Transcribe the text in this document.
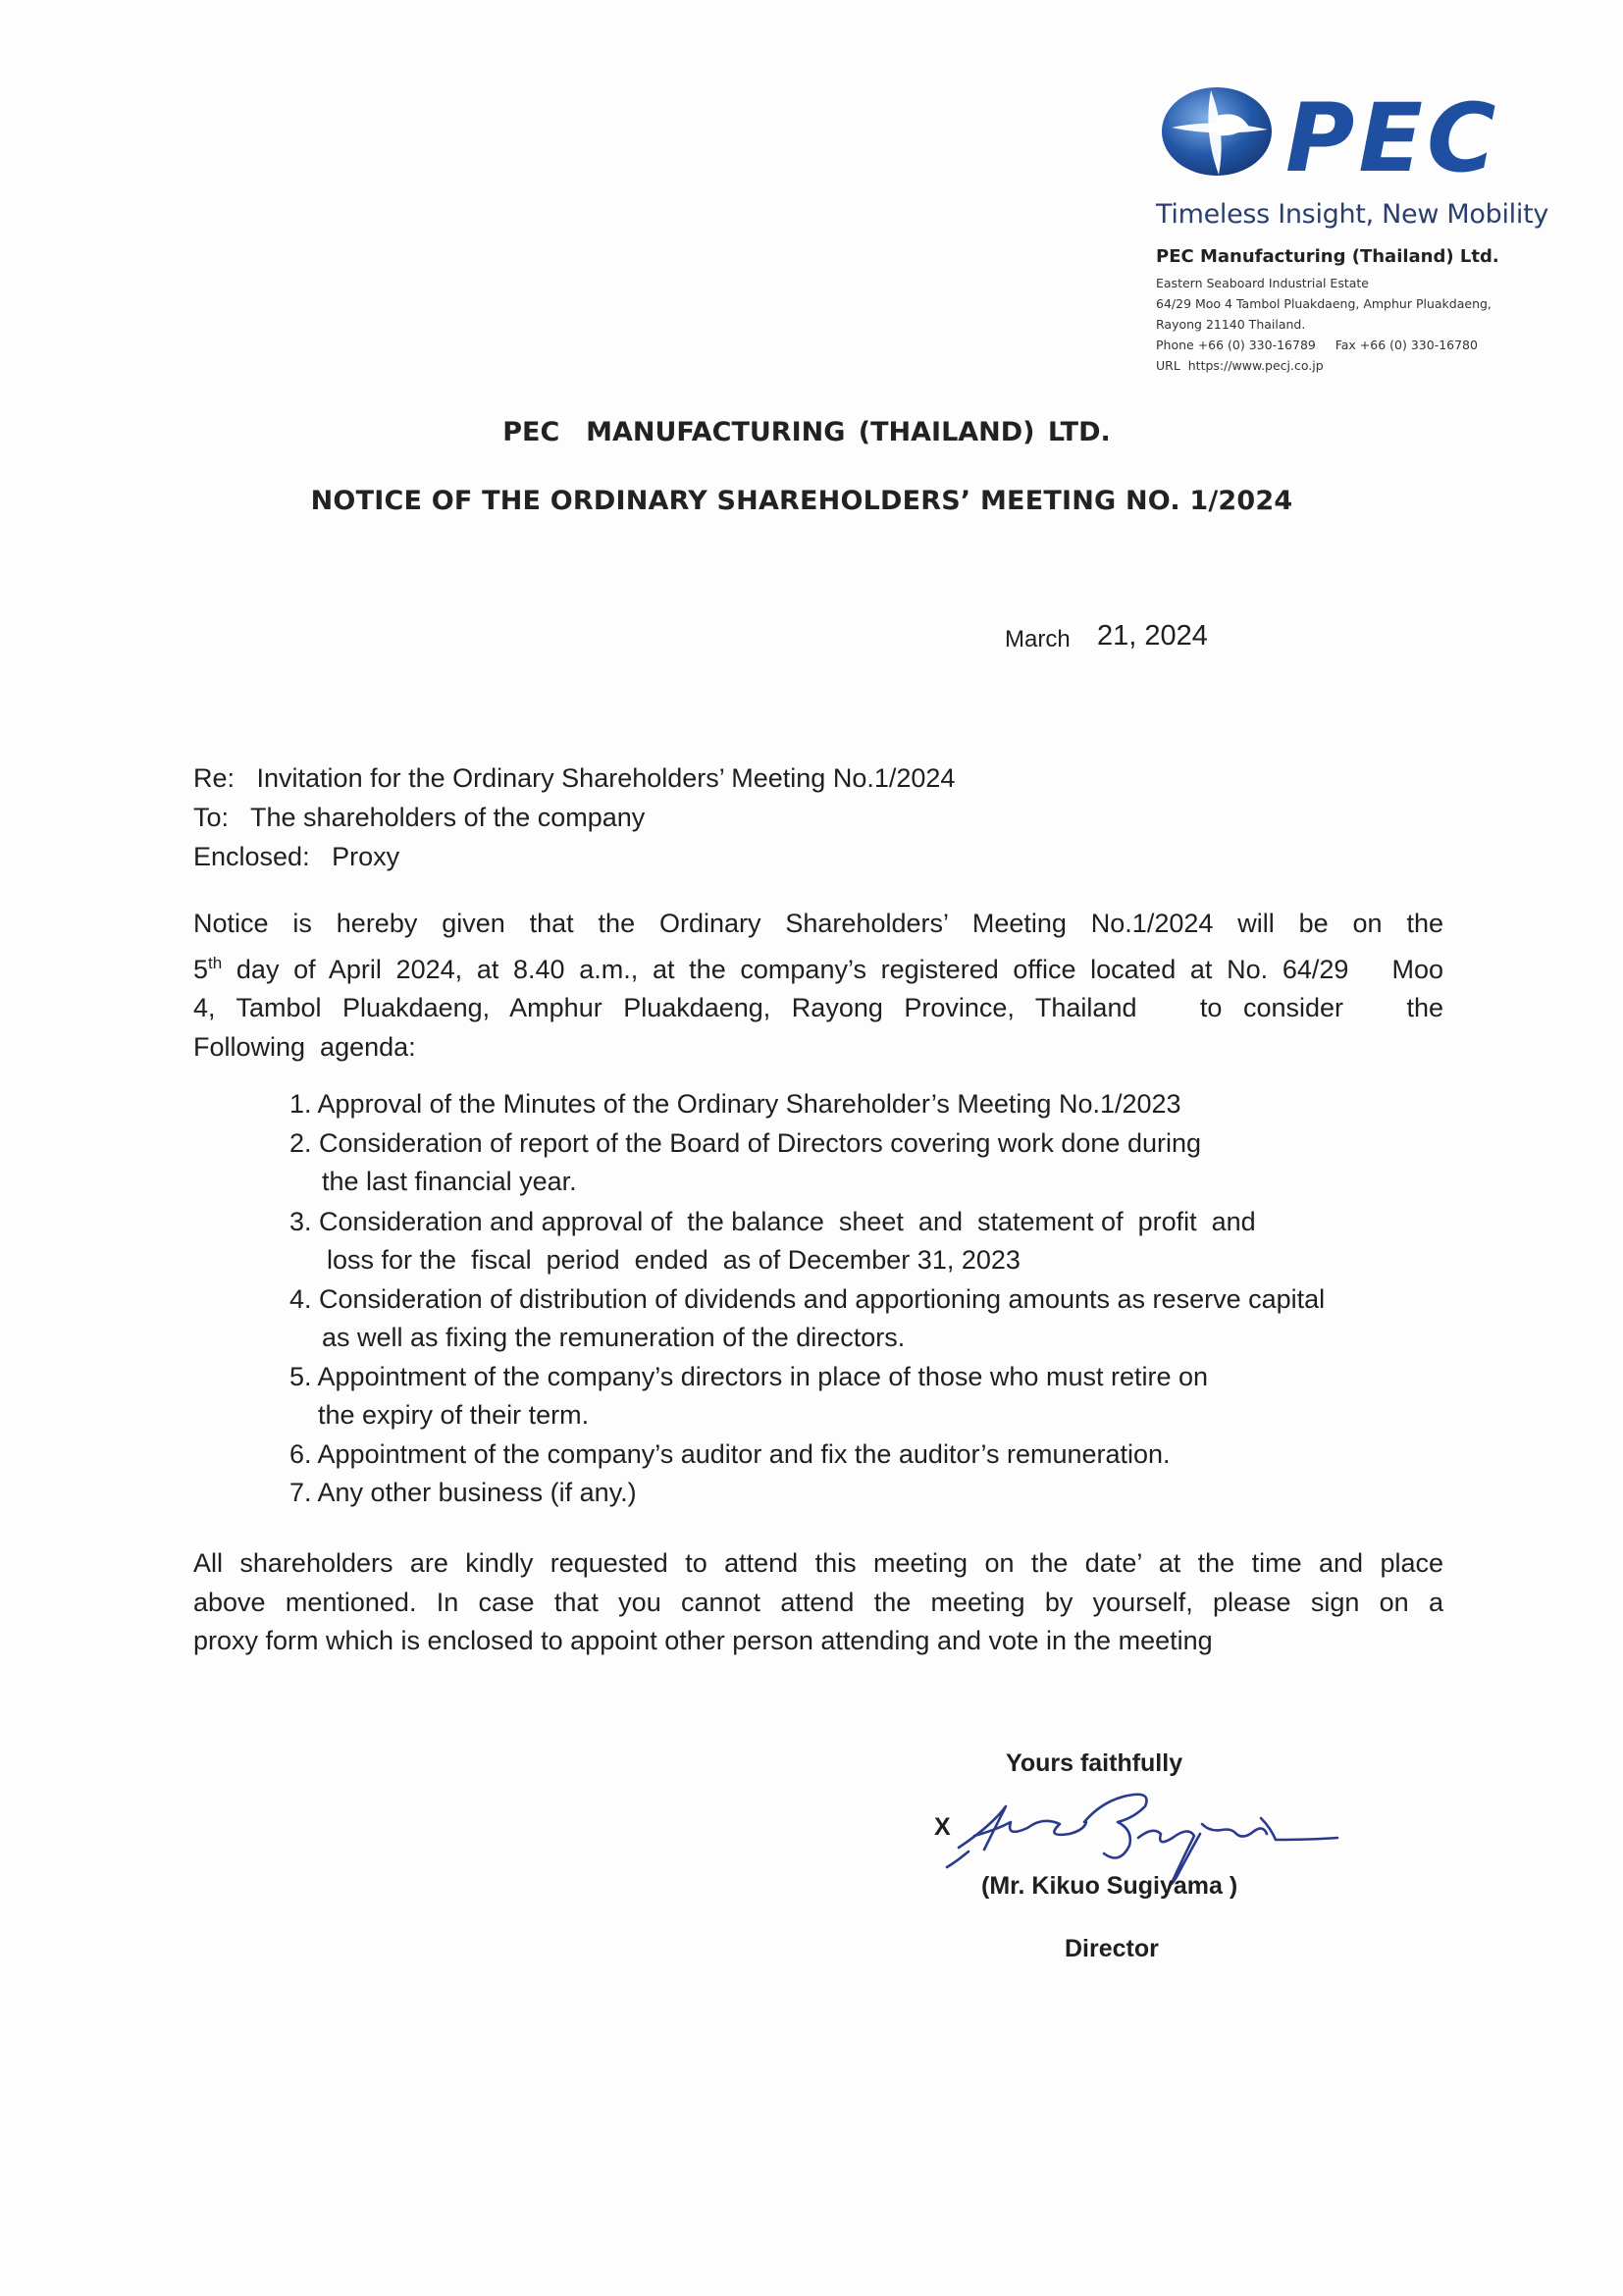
PEC
Timeless Insight, New Mobility
PEC Manufacturing (Thailand) Ltd.
Eastern Seaboard Industrial Estate
64/29 Moo 4 Tambol Pluakdaeng, Amphur Pluakdaeng,
Rayong 21140 Thailand.
Phone +66 (0) 330-16789     Fax +66 (0) 330-16780
URL  https://www.pecj.co.jp
PEC  MANUFACTURING (THAILAND) LTD.
NOTICE OF THE ORDINARY SHAREHOLDERS’ MEETING NO. 1/2024
March 21, 2024
Re:   Invitation for the Ordinary Shareholders’ Meeting No.1/2024
To:   The shareholders of the company
Enclosed:   Proxy
Notice is hereby given that the Ordinary Shareholders’ Meeting No.1/2024 will be on the
5th day of April 2024, at 8.40 a.m., at the company’s registered office located at No. 64/29   Moo
4, Tambol Pluakdaeng, Amphur Pluakdaeng, Rayong Province, Thailand   to consider   the
Following  agenda:
1. Approval of the Minutes of the Ordinary Shareholder’s Meeting No.1/2023
2. Consideration of report of the Board of Directors covering work done during
the last financial year.
3. Consideration and approval of  the balance  sheet  and  statement of  profit  and
loss for the  fiscal  period  ended  as of December 31, 2023
4. Consideration of distribution of dividends and apportioning amounts as reserve capital
as well as fixing the remuneration of the directors.
5. Appointment of the company’s directors in place of those who must retire on
the expiry of their term.
6. Appointment of the company’s auditor and fix the auditor’s remuneration.
7. Any other business (if any.)
All shareholders are kindly requested to attend this meeting on the date’ at the time and place
above mentioned. In case that you cannot attend the meeting by yourself, please sign on a
proxy form which is enclosed to appoint other person attending and vote in the meeting
Yours faithfully
X
(Mr. Kikuo Sugiyama )
Director
